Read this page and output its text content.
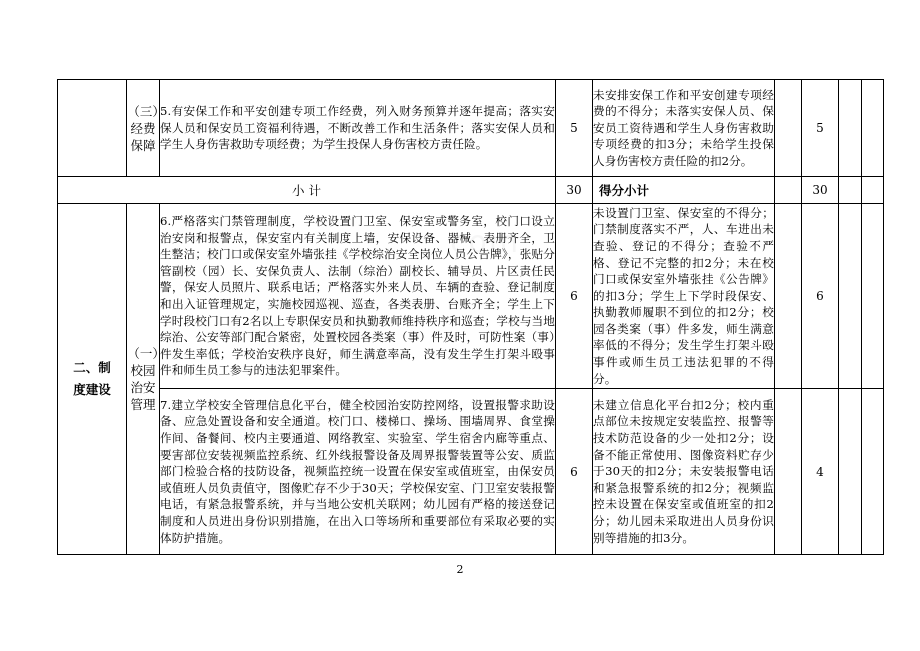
	（三）经费保障	5.有安保工作和平安创建专项工作经费，列入财务预算并逐年提高；落实安保人员和保安员工资福利待遇，不断改善工作和生活条件；落实安保人员和学生人身伤害救助专项经费；为学生投保人身伤害校方责任险。	5	未安排安保工作和平安创建专项经费的不得分；未落实安保人员、保安员工资待遇和学生人身伤害救助专项经费的扣3分；未给学生投保人身伤害校方责任险的扣2分。		5		
小 计			30	得分小计		30		

二、制度建设	（一）校园治安管理	6.严格落实门禁管理制度，学校设置门卫室、保安室或警务室，校门口设立治安岗和报警点，保安室内有关制度上墙，安保设备、器械、表册齐全，卫生整洁；校门口或保安室外墙张挂《学校综治安全岗位人员公告牌》，张贴分管副校（园）长、安保负责人、法制（综治）副校长、辅导员、片区责任民警，保安人员照片、联系电话；严格落实外来人员、车辆的查验、登记制度和出入证管理规定，实施校园巡视、巡查，各类表册、台账齐全；学生上下学时段校门口有2名以上专职保安员和执勤教师维持秩序和巡查；学校与当地综治、公安等部门配合紧密，处置校园各类案（事）件及时，可防性案（事）件发生率低；学校治安秩序良好，师生满意率高，没有发生学生打架斗殴事件和师生员工参与的违法犯罪案件。	6	未设置门卫室、保安室的不得分；门禁制度落实不严，人、车进出未查验、登记的不得分；查验不严格、登记不完整的扣2分；未在校门口或保安室外墙张挂《公告牌》的扣3分；学生上下学时段保安、执勤教师履职不到位的扣2分；校园各类案（事）件多发，师生满意率低的不得分；发生学生打架斗殴事件或师生员工违法犯罪的不得分。		6		
		7.建立学校安全管理信息化平台，健全校园治安防控网络，设置报警求助设备、应急处置设备和安全通道。校门口、楼梯口、操场、围墙周界、食堂操作间、备餐间、校内主要通道、网络教室、实验室、学生宿舍内廊等重点、要害部位安装视频监控系统、红外线报警设备及周界报警装置等公安、质监部门检验合格的技防设备，视频监控统一设置在保安室或值班室，由保安员或值班人员负责值守，图像贮存不少于30天；学校保安室、门卫室安装报警电话，有紧急报警系统，并与当地公安机关联网；幼儿园有严格的接送登记制度和人员进出身份识别措施，在出入口等场所和重要部位有采取必要的实体防护措施。	6	未建立信息化平台扣2分；校内重点部位未按规定安装监控、报警等技术防范设备的少一处扣2分；设备不能正常使用、图像资料贮存少于30天的扣2分；未安装报警电话和紧急报警系统的扣2分；视频监控未设置在保安室或值班室的扣2分；幼儿园未采取进出人员身份识别等措施的扣3分。		4		
2
